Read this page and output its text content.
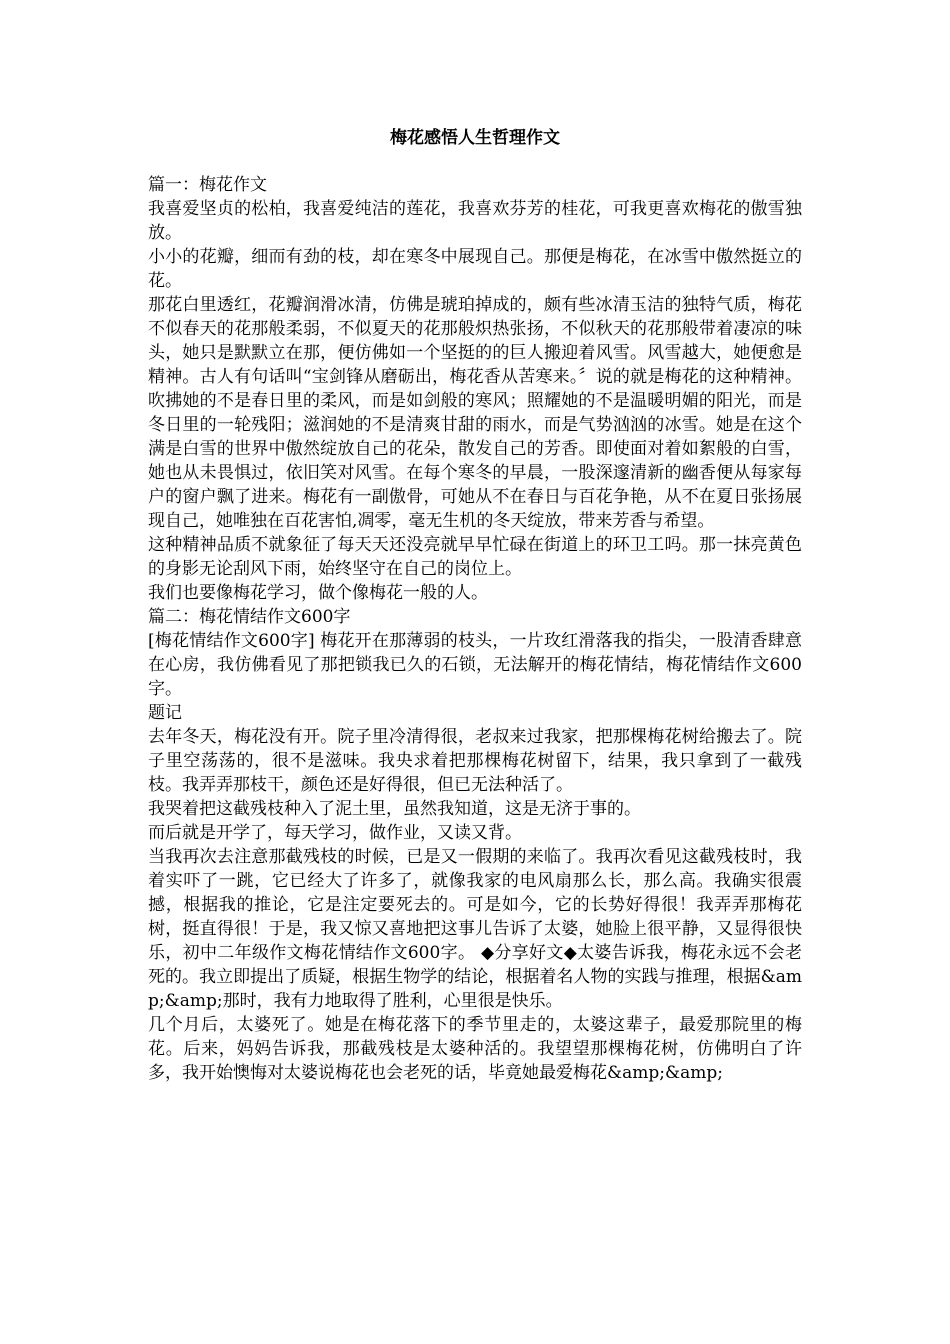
梅花感悟人生哲理作文

篇一：梅花作文

我喜爱坚贞的松柏，我喜爱纯洁的莲花，我喜欢芬芳的桂花，可我更喜欢梅花的傲雪独放。

小小的花瓣，细而有劲的枝，却在寒冬中展现自己。那便是梅花，在冰雪中傲然挺立的花。

那花白里透红，花瓣润滑冰清，仿佛是琥珀掉成的，颇有些冰清玉洁的独特气质，梅花不似春天的花那般柔弱，不似夏天的花那般炽热张扬，不似秋天的花那般带着凄凉的味头，她只是默默立在那，便仿佛如一个坚挺的的巨人搬迎着风雪。风雪越大，她便愈是精神。古人有句话叫“宝剑锋从磨砺出，梅花香从苦寒来。〞说的就是梅花的这种精神。吹拂她的不是春日里的柔风，而是如剑般的寒风；照耀她的不是温暖明媚的阳光，而是冬日里的一轮残阳；滋润她的不是清爽甘甜的雨水，而是气势汹汹的冰雪。她是在这个满是白雪的世界中傲然绽放自己的花朵，散发自己的芳香。即使面对着如絮般的白雪，她也从未畏惧过，依旧笑对风雪。在每个寒冬的早晨，一股深邃清新的幽香便从每家每户的窗户飘了进来。梅花有一副傲骨，可她从不在春日与百花争艳，从不在夏日张扬展现自己，她唯独在百花害怕,凋零，毫无生机的冬天绽放，带来芳香与希望。

这种精神品质不就象征了每天天还没亮就早早忙碌在街道上的环卫工吗。那一抹亮黄色的身影无论刮风下雨，始终坚守在自己的岗位上。

我们也要像梅花学习，做个像梅花一般的人。

篇二：梅花情结作文600字

[梅花情结作文600字] 梅花开在那薄弱的枝头，一片玫红滑落我的指尖，一股清香肆意在心房，我仿佛看见了那把锁我已久的石锁，无法解开的梅花情结，梅花情结作文600字。

题记

去年冬天，梅花没有开。院子里冷清得很，老叔来过我家，把那棵梅花树给搬去了。院子里空荡荡的，很不是滋味。我央求着把那棵梅花树留下，结果，我只拿到了一截残枝。我弄弄那枝干，颜色还是好得很，但已无法种活了。

我哭着把这截残枝种入了泥土里，虽然我知道，这是无济于事的。

而后就是开学了，每天学习，做作业，又读又背。

当我再次去注意那截残枝的时候，已是又一假期的来临了。我再次看见这截残枝时，我着实吓了一跳，它已经大了许多了，就像我家的电风扇那么长，那么高。我确实很震撼，根据我的推论，它是注定要死去的。可是如今，它的长势好得很！我弄弄那梅花树，挺直得很！于是，我又惊又喜地把这事儿告诉了太婆，她脸上很平静，又显得很快乐，初中二年级作文梅花情结作文600字。 ◆分享好文◆太婆告诉我，梅花永远不会老死的。我立即提出了质疑，根据生物学的结论，根据着名人物的实践与推理，根据&amp;&amp;那时，我有力地取得了胜利，心里很是快乐。

几个月后，太婆死了。她是在梅花落下的季节里走的，太婆这辈子，最爱那院里的梅花。后来，妈妈告诉我，那截残枝是太婆种活的。我望望那棵梅花树，仿佛明白了许多，我开始懊悔对太婆说梅花也会老死的话，毕竟她最爱梅花&amp;&amp;
